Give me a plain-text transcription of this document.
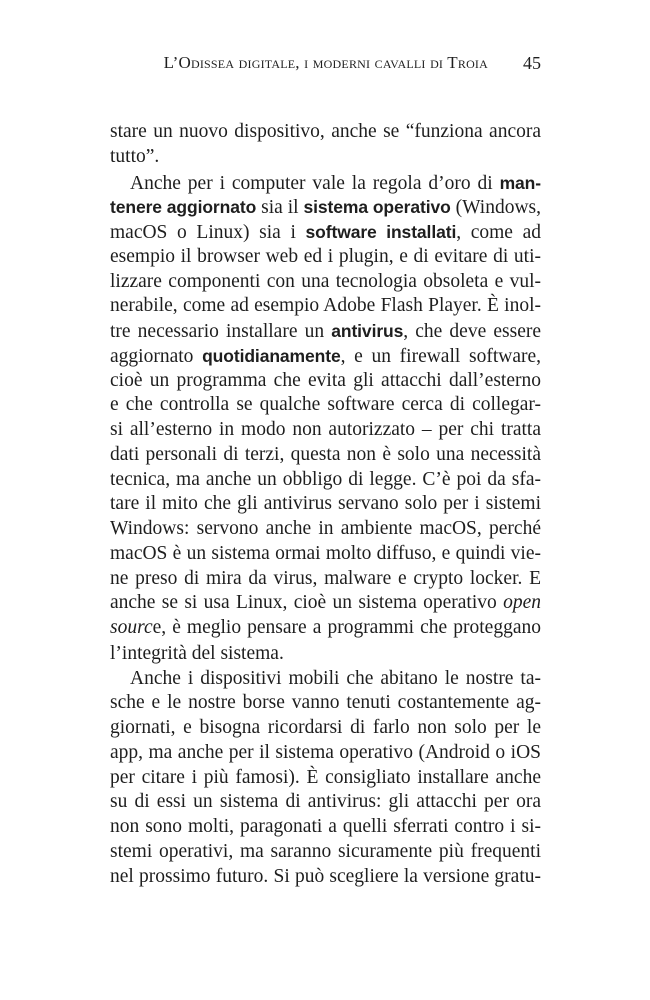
L’Odissea digitale, i moderni cavalli di Troia 45
stare un nuovo dispositivo, anche se “funziona ancora
tutto”.
Anche per i computer vale la regola d’oro di man-
tenere aggiornato sia il sistema operativo (Windows,
macOS o Linux) sia i software installati, come ad
esempio il browser web ed i plugin, e di evitare di uti-
lizzare componenti con una tecnologia obsoleta e vul-
nerabile, come ad esempio Adobe Flash Player. È inol-
tre necessario installare un antivirus, che deve essere
aggiornato quotidianamente, e un firewall software,
cioè un programma che evita gli attacchi dall’esterno
e che controlla se qualche software cerca di collegar-
si all’esterno in modo non autorizzato – per chi tratta
dati personali di terzi, questa non è solo una necessità
tecnica, ma anche un obbligo di legge. C’è poi da sfa-
tare il mito che gli antivirus servano solo per i sistemi
Windows: servono anche in ambiente macOS, perché
macOS è un sistema ormai molto diffuso, e quindi vie-
ne preso di mira da virus, malware e crypto locker. E
anche se si usa Linux, cioè un sistema operativo open
source, è meglio pensare a programmi che proteggano
l’integrità del sistema.
Anche i dispositivi mobili che abitano le nostre ta-
sche e le nostre borse vanno tenuti costantemente ag-
giornati, e bisogna ricordarsi di farlo non solo per le
app, ma anche per il sistema operativo (Android o iOS
per citare i più famosi). È consigliato installare anche
su di essi un sistema di antivirus: gli attacchi per ora
non sono molti, paragonati a quelli sferrati contro i si-
stemi operativi, ma saranno sicuramente più frequenti
nel prossimo futuro. Si può scegliere la versione gratu-
